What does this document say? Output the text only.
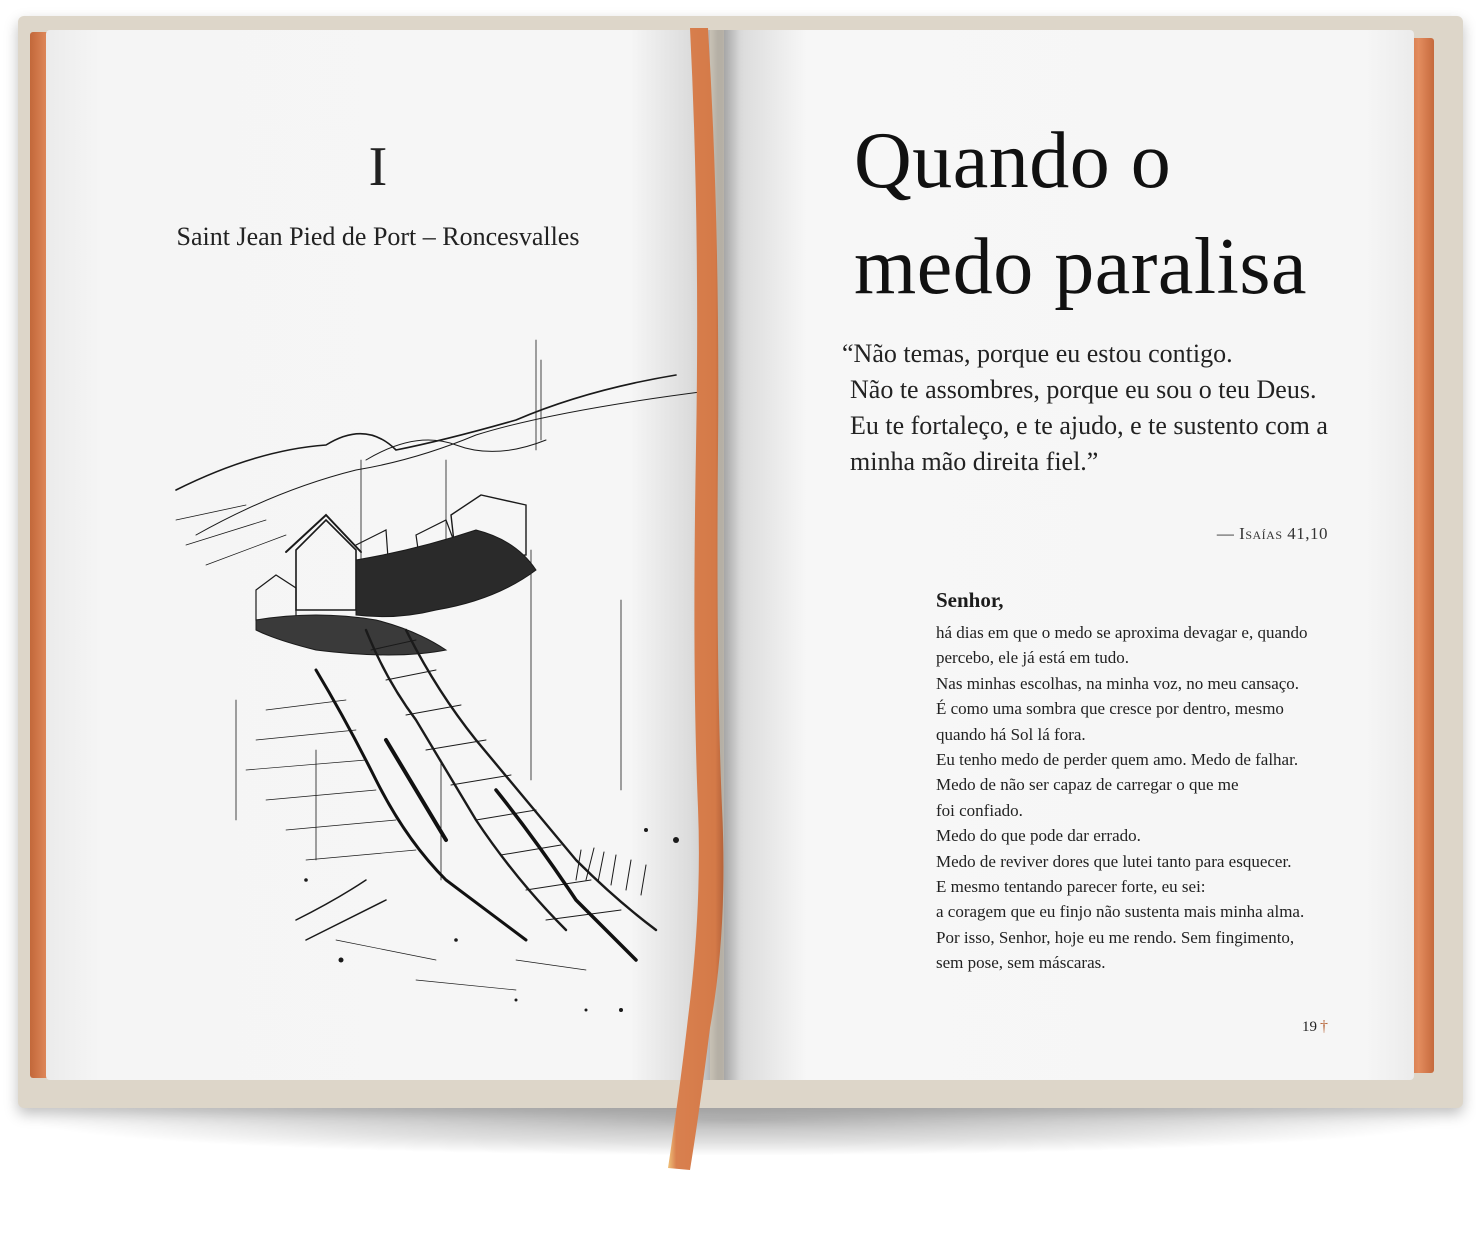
I
Saint Jean Pied de Port – Roncesvalles
Quando o
medo paralisa
“Não temas, porque eu estou contigo.
Não te assombres, porque eu sou o teu Deus.
Eu te fortaleço, e te ajudo, e te sustento com a
minha mão direita fiel.”
— Isaías 41,10
Senhor,
há dias em que o medo se aproxima devagar e, quando
percebo, ele já está em tudo.
Nas minhas escolhas, na minha voz, no meu cansaço.
É como uma sombra que cresce por dentro, mesmo
quando há Sol lá fora.
Eu tenho medo de perder quem amo. Medo de falhar.
Medo de não ser capaz de carregar o que me
foi confiado.
Medo do que pode dar errado.
Medo de reviver dores que lutei tanto para esquecer.
E mesmo tentando parecer forte, eu sei:
a coragem que eu finjo não sustenta mais minha alma.
Por isso, Senhor, hoje eu me rendo. Sem fingimento,
sem pose, sem máscaras.
19 †
